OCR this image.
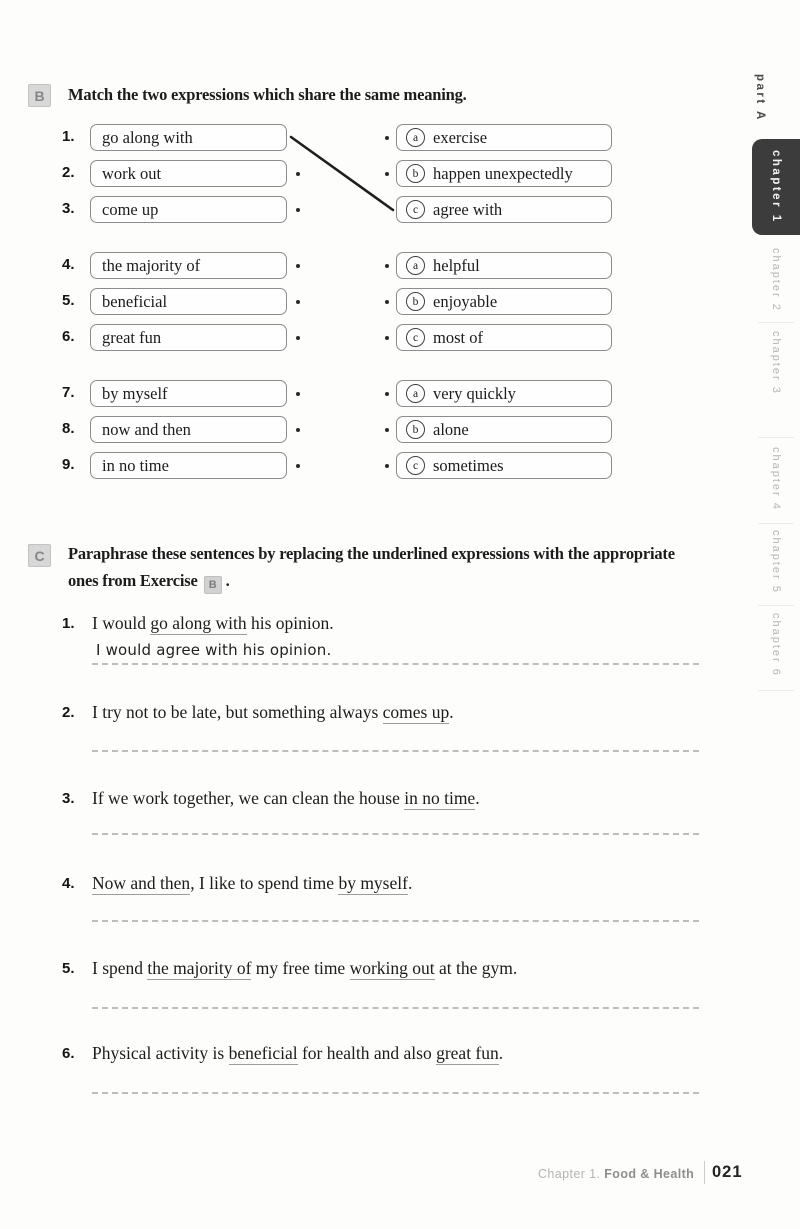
B	Match the two expressions which share the same meaning.
1. go along with	a exercise
2. work out	b happen unexpectedly
3. come up	c agree with
4. the majority of	a helpful
5. beneficial	b enjoyable
6. great fun	c most of
7. by myself	a very quickly
8. now and then	b alone
9. in no time	c sometimes
C	Paraphrase these sentences by replacing the underlined expressions with the appropriate
ones from Exercise B .
1. I would go along with his opinion.
I would agree with his opinion.
2. I try not to be late, but something always comes up.
3. If we work together, we can clean the house in no time.
4. Now and then, I like to spend time by myself.
5. I spend the majority of my free time working out at the gym.
6. Physical activity is beneficial for health and also great fun.
part A
chapter 1
chapter 2
chapter 3
chapter 4
chapter 5
chapter 6
Chapter 1. Food & Health 021
